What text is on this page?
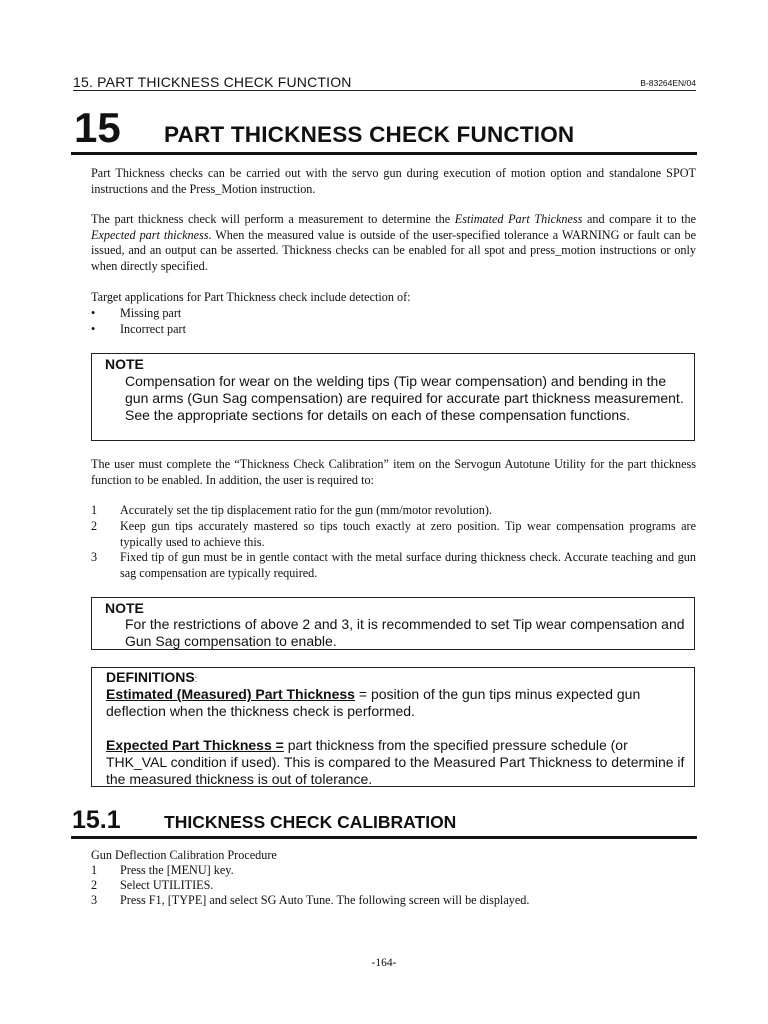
15. PART THICKNESS CHECK FUNCTION	B-83264EN/04
15 PART THICKNESS CHECK FUNCTION
Part Thickness checks can be carried out with the servo gun during execution of motion option and standalone SPOT instructions and the Press_Motion instruction.
The part thickness check will perform a measurement to determine the Estimated Part Thickness and compare it to the Expected part thickness. When the measured value is outside of the user-specified tolerance a WARNING or fault can be issued, and an output can be asserted. Thickness checks can be enabled for all spot and press_motion instructions or only when directly specified.
Target applications for Part Thickness check include detection of:
• Missing part
• Incorrect part
NOTE
Compensation for wear on the welding tips (Tip wear compensation) and bending in the gun arms (Gun Sag compensation) are required for accurate part thickness measurement. See the appropriate sections for details on each of these compensation functions.
The user must complete the “Thickness Check Calibration” item on the Servogun Autotune Utility for the part thickness function to be enabled. In addition, the user is required to:
1 Accurately set the tip displacement ratio for the gun (mm/motor revolution).
2 Keep gun tips accurately mastered so tips touch exactly at zero position. Tip wear compensation programs are typically used to achieve this.
3 Fixed tip of gun must be in gentle contact with the metal surface during thickness check. Accurate teaching and gun sag compensation are typically required.
NOTE
For the restrictions of above 2 and 3, it is recommended to set Tip wear compensation and Gun Sag compensation to enable.
DEFINITIONS:
Estimated (Measured) Part Thickness = position of the gun tips minus expected gun deflection when the thickness check is performed.
Expected Part Thickness = part thickness from the specified pressure schedule (or THK_VAL condition if used). This is compared to the Measured Part Thickness to determine if the measured thickness is out of tolerance.
15.1 THICKNESS CHECK CALIBRATION
Gun Deflection Calibration Procedure
1 Press the [MENU] key.
2 Select UTILITIES.
3 Press F1, [TYPE] and select SG Auto Tune. The following screen will be displayed.
-164-
